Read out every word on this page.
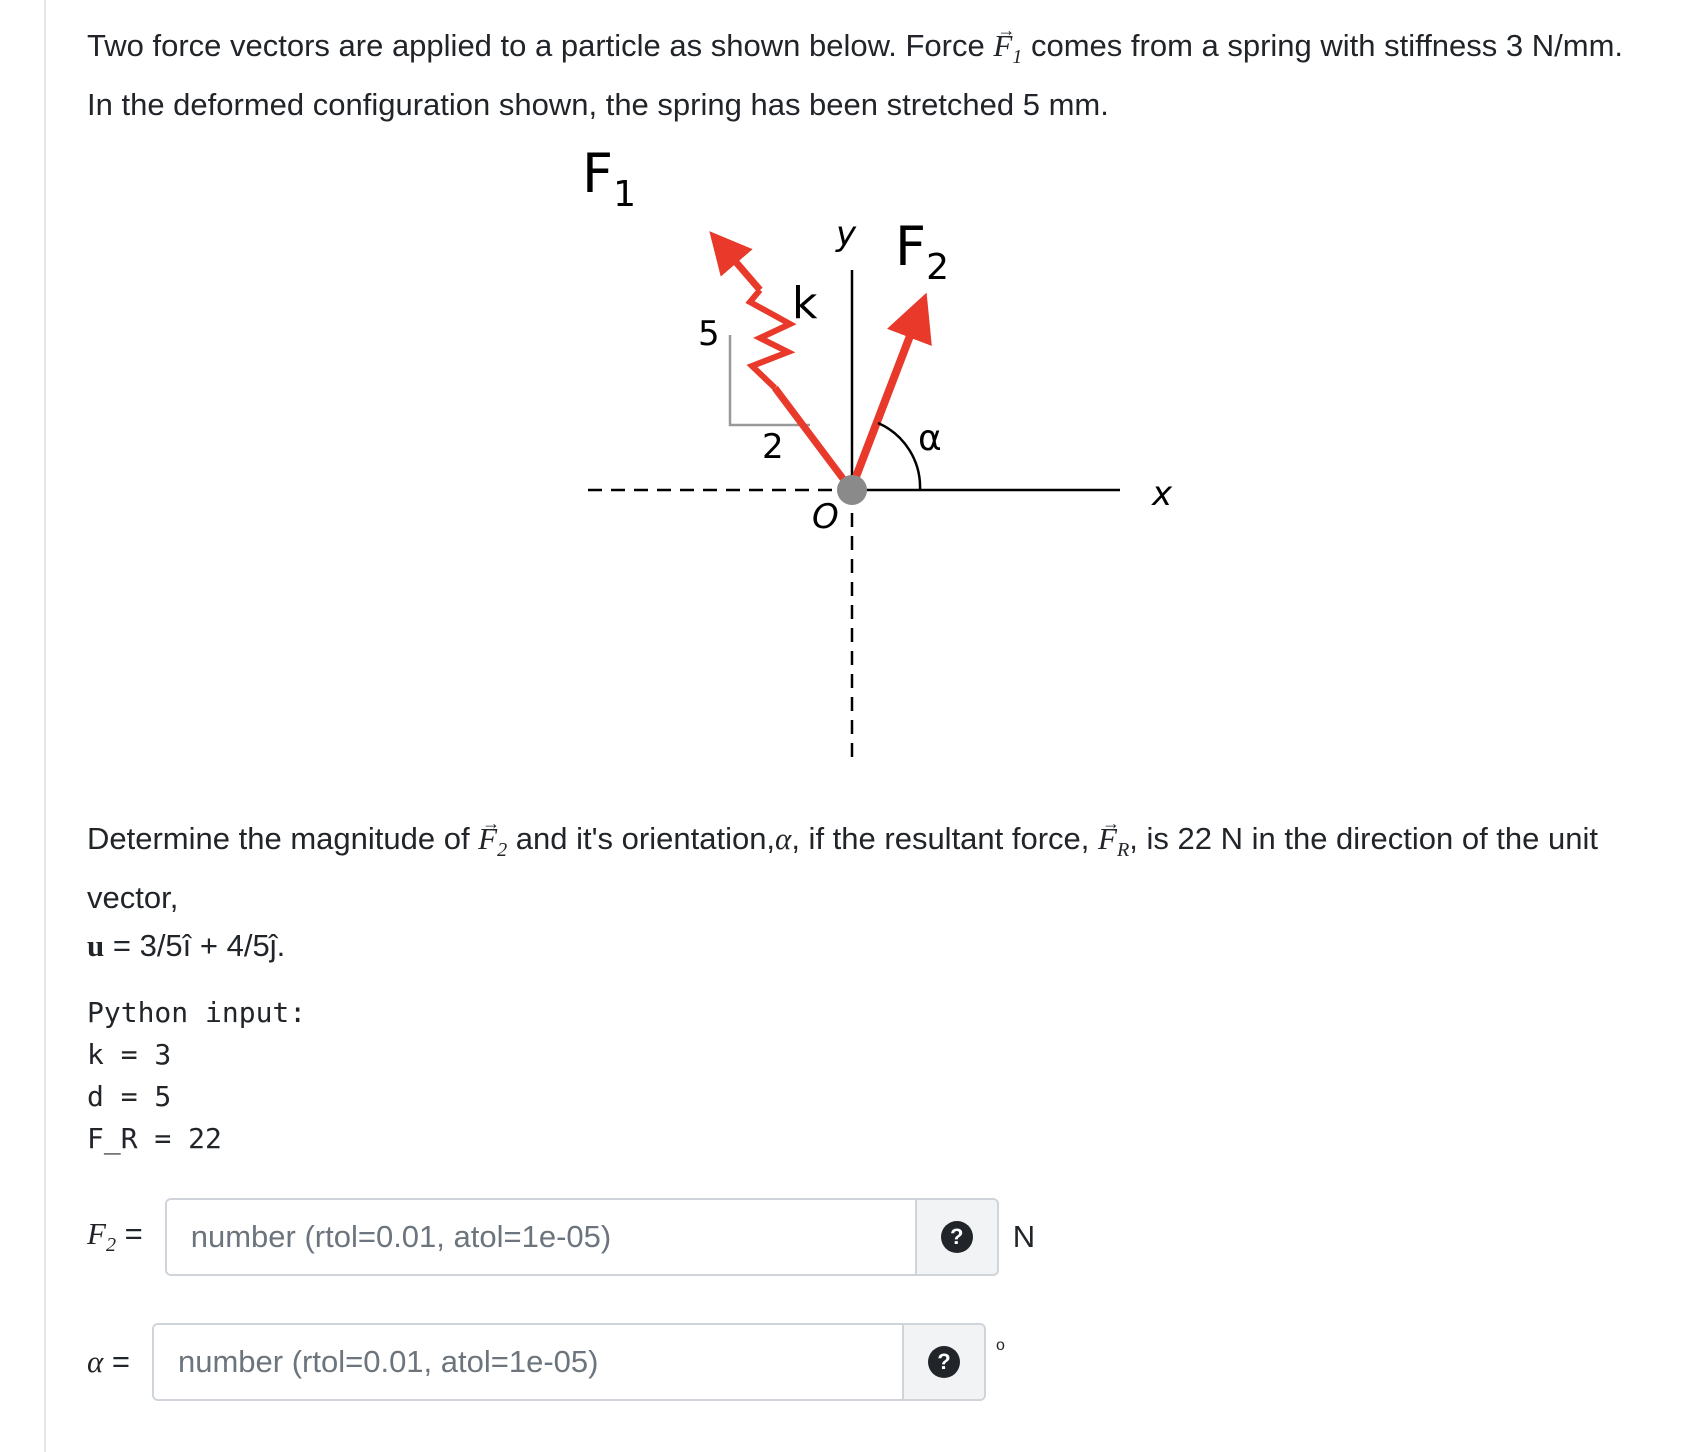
Two force vectors are applied to a particle as shown below. Force → $F_1$ comes from a spring with stiffness 3 N/mm. In the deformed configuration shown, the spring has been stretched 5 mm.

$F_1$
$F_2$
k
5
2	α
y
x
O

Determine the magnitude of → $F_2$ and it's orientation,α, if the resultant force, → $F_R$, is 22 N in the direction of the unit vector,

u = 3/5î + 4/5ĵ.

Python input:
k = 3
d = 5
F_R = 22
$F_2$ =
number (rtol=0.01, atol=1e-05)	? N
α =
number (rtol=0.01, atol=1e-05)	?
o
